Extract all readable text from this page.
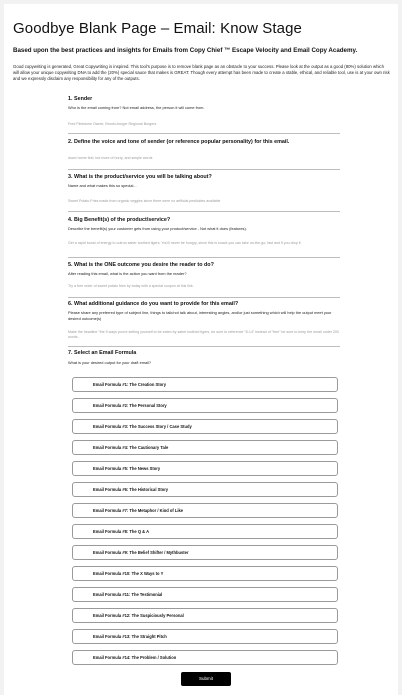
Goodbye Blank Page – Email: Know Stage
Based upon the best practices and insights for Emails from Copy Chief ™ Escape Velocity and Email Copy Academy.
Good copywriting is generated, Great Copywriting is inspired. This tool's purpose is to remove blank page as an obstacle to your success. Please look at the output as a good (80%) solution which will allow your unique copywriting DNA to add the (20%) special sauce that makes is GREAT. Though every attempt has been made to create a stable, ethical, and reliable tool, use is at your own risk and we expressly disclaim any responsibility for any of the outputs.
1. Sender
Who is the email coming from? Not email address, the person it will come from.
Fred Flintstone Owner, Bronto-burger Regional Burgers
2. Define the voice and tone of sender (or reference popular personality) for this email.
down home feel, but more of hurry, and simple words
3. What is the product/service you will be talking about?
Name and what makes this so special...
Sweet Potato Fries made from organic veggies since there were no artificial pesticides available
4. Big Benefit(s) of the product/service?
Describe the benefit(s) your customer gets from using your product/service - Not what it does (features).
Get a rapid boost of energy to outrun saber toothed tigers. You'll never be hungry, since this is snack you can take on-the-go, fast and if you drop it.
5. What is the ONE outcome you desire the reader to do?
After reading this email, what is the action you want from the reader?
Try a free order of sweet potato fries by today with a special coupon at this link.
6. What additional guidance do you want to provide for this email?
Please share any preferred type of subject line, things to talk/not talk about, interesting angles, and/or just something which will help the output meet your desired outcome(s)
Make the headline "the 5 ways you're setting yourself to be eaten by saber toothed tigers, be sure to reference "8-14" instead of "free" be sure to keep the email under 200 words.
7. Select an Email Formula
What is your desired output for your draft email?
Email Formula #1: The Creation Story
Email Formula #2: The Personal Story
Email Formula #3: The Success Story / Case Study
Email Formula #4: The Cautionary Tale
Email Formula #5: The News Story
Email Formula #6: The Historical Story
Email Formula #7: The Metaphor / Kind of Like
Email Formula #8: The Q & A
Email Formula #9: The Belief Shifter / Mythbuster
Email Formula #10: The X Ways to Y
Email Formula #11: The Testimonial
Email Formula #12: The Suspiciously Personal
Email Formula #13: The Straight Pitch
Email Formula #14: The Problem / Solution
Submit
